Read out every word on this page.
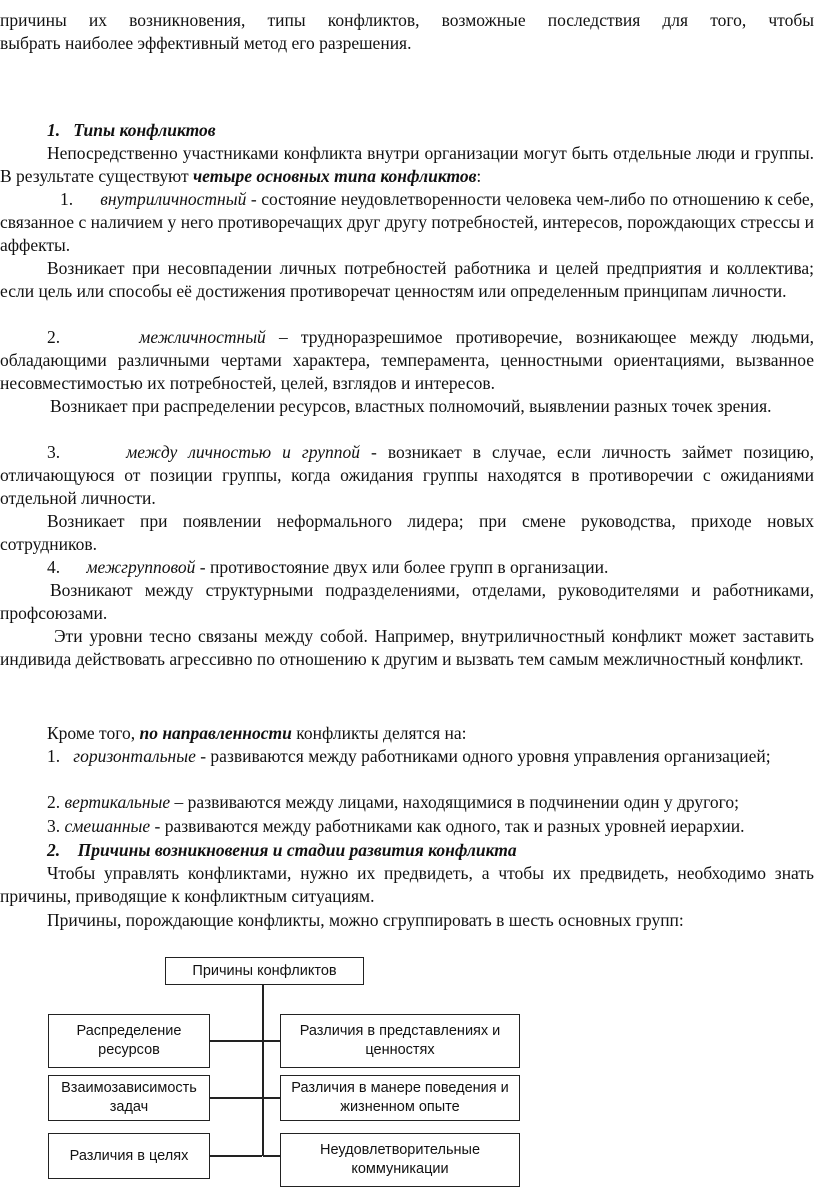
причины их возникновения, типы конфликтов, возможные последствия для того, чтобы

выбрать наиболее эффективный метод его разрешения.

1. Типы конфликтов

Непосредственно участниками конфликта внутри организации могут быть отдельные люди и группы. В результате существуют четыре основных типа конфликтов:

1. внутриличностный - состояние неудовлетворенности человека чем-либо по отношению к себе, связанное с наличием у него противоречащих друг другу потребностей, интересов, порождающих стрессы и аффекты.

Возникает при несовпадении личных потребностей работника и целей предприятия и коллектива; если цель или способы её достижения противоречат ценностям или определенным принципам личности.

2.	межличностный – трудноразрешимое противоречие, возникающее между людьми, обладающими различными чертами характера, темперамента, ценностными ориентациями, вызванное несовместимостью их потребностей, целей, взглядов и интересов.

Возникает при распределении ресурсов, властных полномочий, выявлении разных точек зрения.

3.	между личностью и группой - возникает в случае, если личность займет позицию, отличающуюся от позиции группы, когда ожидания группы находятся в противоречии с ожиданиями отдельной личности.

Возникает при появлении неформального лидера; при смене руководства, приходе новых сотрудников.

4. межгрупповой - противостояние двух или более групп в организации.

Возникают между структурными подразделениями, отделами, руководителями и работниками, профсоюзами.

Эти уровни тесно связаны между собой. Например, внутриличностный конфликт может заставить индивида действовать агрессивно по отношению к другим и вызвать тем самым межличностный конфликт.

Кроме того, по направленности конфликты делятся на:

1. горизонтальные - развиваются между работниками одного уровня управления организацией;

2. вертикальные – развиваются между лицами, находящимися в подчинении один у другого;

3. смешанные - развиваются между работниками как одного, так и разных уровней иерархии.

2. Причины возникновения и стадии развития конфликта

Чтобы управлять конфликтами, нужно их предвидеть, а чтобы их предвидеть, необходимо знать причины, приводящие к конфликтным ситуациям.

Причины, порождающие конфликты, можно сгруппировать в шесть основных групп:

Причины конфликтов
Распределение ресурсов
Взаимозависимость задач
Различия в целях
Различия в представлениях и ценностях
Различия в манере поведения и жизненном опыте
Неудовлетворительные коммуникации
